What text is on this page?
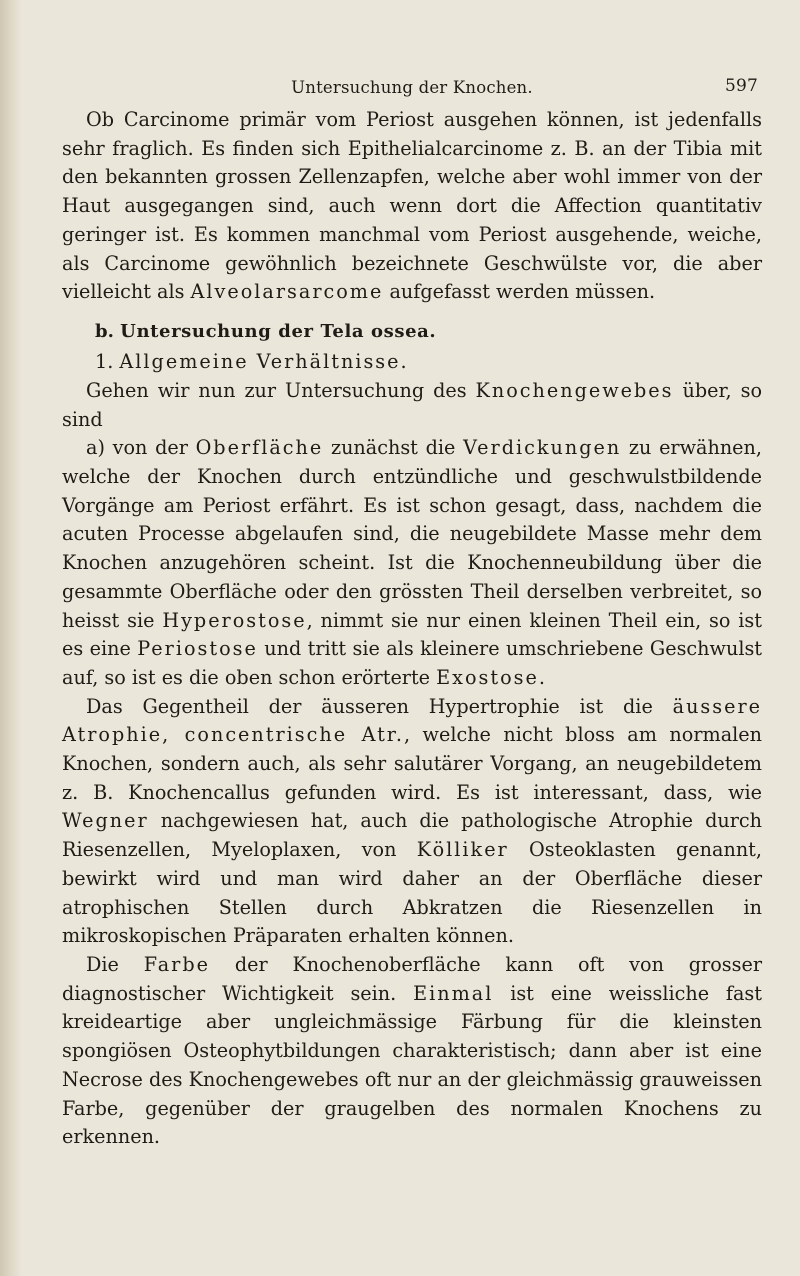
Untersuchung der Knochen.	597

Ob Carcinome primär vom Periost ausgehen können, ist jedenfalls sehr fraglich. Es finden sich Epithelialcarcinome z. B. an der Tibia mit den bekannten grossen Zellenzapfen, welche aber wohl immer von der Haut ausgegangen sind, auch wenn dort die Affection quantitativ geringer ist. Es kommen manchmal vom Periost ausgehende, weiche, als Carcinome gewöhnlich bezeichnete Geschwülste vor, die aber vielleicht als Alveolarsarcome aufgefasst werden müssen.

b. Untersuchung der Tela ossea.
1. Allgemeine Verhältnisse.

Gehen wir nun zur Untersuchung des Knochengewebes über, so sind

a) von der Oberfläche zunächst die Verdickungen zu erwähnen, welche der Knochen durch entzündliche und geschwulstbildende Vorgänge am Periost erfährt. Es ist schon gesagt, dass, nachdem die acuten Processe abgelaufen sind, die neugebildete Masse mehr dem Knochen anzugehören scheint. Ist die Knochenneubildung über die gesammte Oberfläche oder den grössten Theil derselben verbreitet, so heisst sie Hyperostose, nimmt sie nur einen kleinen Theil ein, so ist es eine Periostose und tritt sie als kleinere umschriebene Geschwulst auf, so ist es die oben schon erörterte Exostose.

Das Gegentheil der äusseren Hypertrophie ist die äussere Atrophie, concentrische Atr., welche nicht bloss am normalen Knochen, sondern auch, als sehr salutärer Vorgang, an neugebildetem z. B. Knochencallus gefunden wird. Es ist interessant, dass, wie Wegner nachgewiesen hat, auch die pathologische Atrophie durch Riesenzellen, Myeloplaxen, von Kölliker Osteoklasten genannt, bewirkt wird und man wird daher an der Oberfläche dieser atrophischen Stellen durch Abkratzen die Riesenzellen in mikroskopischen Präparaten erhalten können.

Die Farbe der Knochenoberfläche kann oft von grosser diagnostischer Wichtigkeit sein. Einmal ist eine weissliche fast kreideartige aber ungleichmässige Färbung für die kleinsten spongiösen Osteophytbildungen charakteristisch; dann aber ist eine Necrose des Knochengewebes oft nur an der gleichmässig grauweissen Farbe, gegenüber der graugelben des normalen Knochens zu erkennen.
